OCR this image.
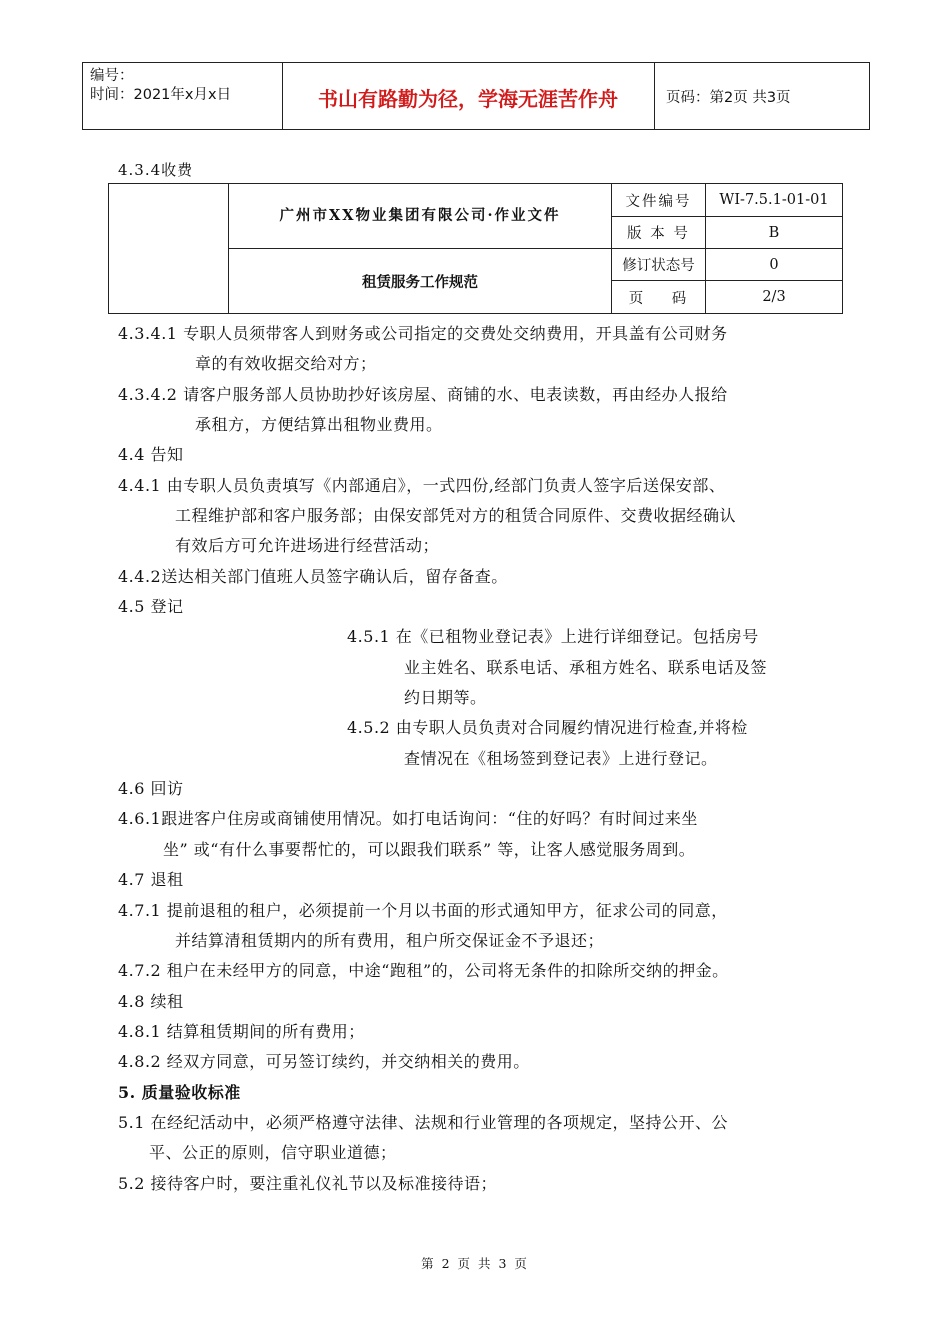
编号：
时间：2021年x月x日	书山有路勤为径，学海无涯苦作舟	页码：第2页 共3页
4.3.4收费
	广州市XX物业集团有限公司·作业文件	文件编号	WI-7.5.1-01-01
		版 本 号	B
	租赁服务工作规范	修订状态号	0
		页    码	2/3
4.3.4.1 专职人员须带客人到财务或公司指定的交费处交纳费用，开具盖有公司财务
章的有效收据交给对方；
4.3.4.2 请客户服务部人员协助抄好该房屋、商铺的水、电表读数，再由经办人报给
承租方，方便结算出租物业费用。
4.4 告知
4.4.1 由专职人员负责填写《内部通启》，一式四份,经部门负责人签字后送保安部、
工程维护部和客户服务部；由保安部凭对方的租赁合同原件、交费收据经确认
有效后方可允许进场进行经营活动；
4.4.2送达相关部门值班人员签字确认后，留存备查。
4.5 登记
4.5.1 在《已租物业登记表》上进行详细登记。包括房号
业主姓名、联系电话、承租方姓名、联系电话及签
约日期等。
4.5.2 由专职人员负责对合同履约情况进行检查,并将检
查情况在《租场签到登记表》上进行登记。
4.6 回访
4.6.1跟进客户住房或商铺使用情况。如打电话询问：“住的好吗？有时间过来坐
坐” 或“有什么事要帮忙的，可以跟我们联系” 等，让客人感觉服务周到。
4.7 退租
4.7.1 提前退租的租户，必须提前一个月以书面的形式通知甲方，征求公司的同意，
并结算清租赁期内的所有费用，租户所交保证金不予退还；
4.7.2 租户在未经甲方的同意，中途“跑租”的，公司将无条件的扣除所交纳的押金。
4.8 续租
4.8.1 结算租赁期间的所有费用；
4.8.2 经双方同意，可另签订续约，并交纳相关的费用。
5. 质量验收标准
5.1 在经纪活动中，必须严格遵守法律、法规和行业管理的各项规定，坚持公开、公
平、公正的原则，信守职业道德；
5.2 接待客户时，要注重礼仪礼节以及标准接待语；
第 2 页 共 3 页
